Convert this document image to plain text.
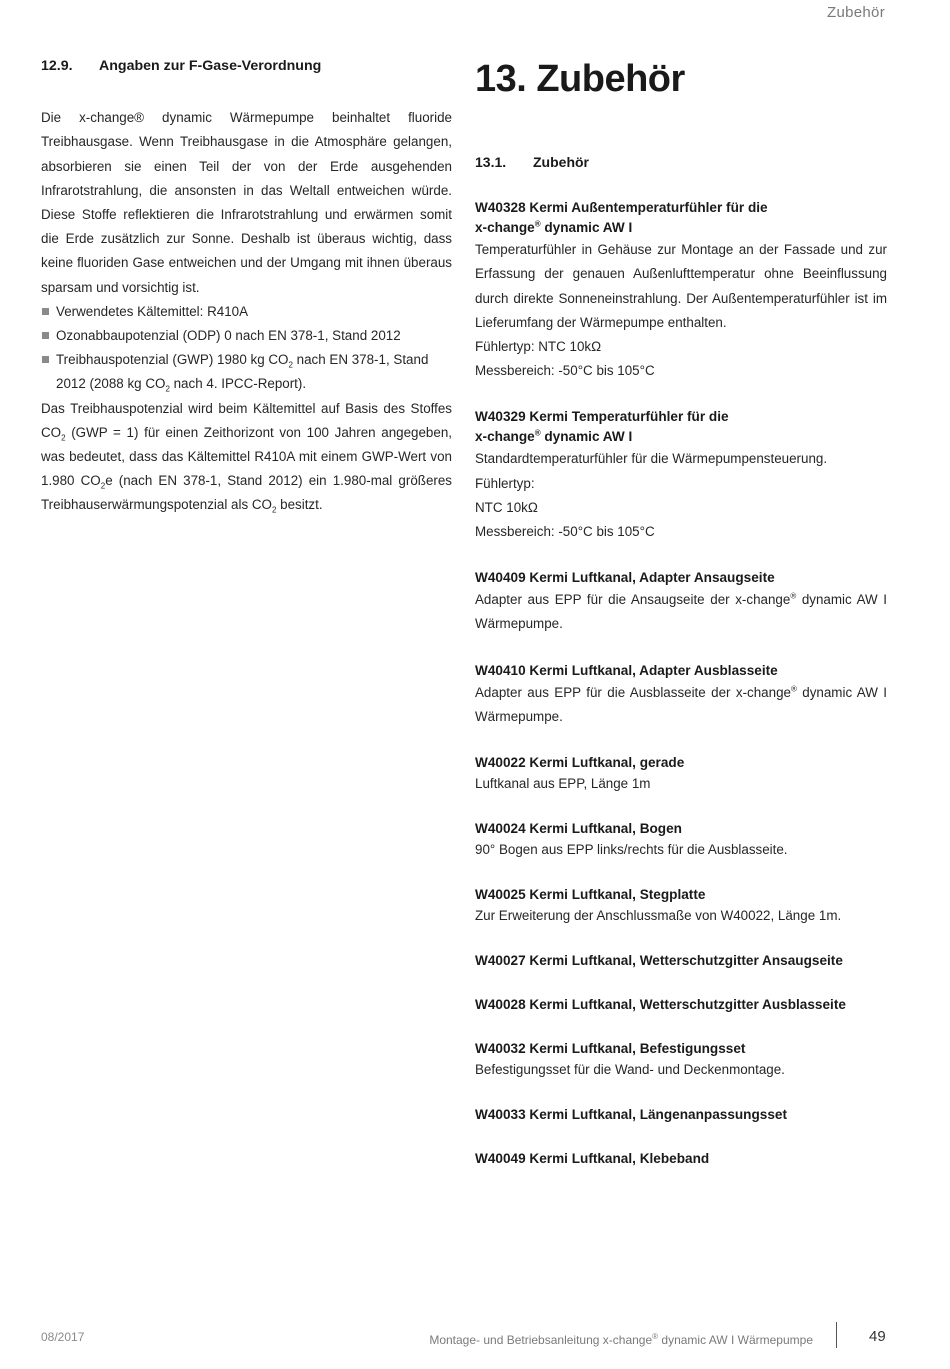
Zubehör
12.9. Angaben zur F-Gase-Verordnung

Die x-change® dynamic Wärmepumpe beinhaltet fluoride Treibhausgase. Wenn Treibhausgase in die Atmosphäre gelangen, absorbieren sie einen Teil der von der Erde ausgehenden Infrarotstrahlung, die ansonsten in das Weltall entweichen würde. Diese Stoffe reflektieren die Infrarotstrahlung und erwärmen somit die Erde zusätzlich zur Sonne. Deshalb ist überaus wichtig, dass keine fluoriden Gase entweichen und der Umgang mit ihnen überaus sparsam und vorsichtig ist.

Verwendetes Kältemittel: R410A
Ozonabbaupotenzial (ODP) 0 nach EN 378-1, Stand 2012
Treibhauspotenzial (GWP) 1980 kg $CO_2$ nach EN 378-1, Stand 2012 (2088 kg $CO_2$ nach 4. IPCC-Report).

Das Treibhauspotenzial wird beim Kältemittel auf Basis des Stoffes $CO_2$ (GWP = 1) für einen Zeithorizont von 100 Jahren angegeben, was bedeutet, dass das Kältemittel R410A mit einem GWP-Wert von 1.980 $CO_2e$ (nach EN 378-1, Stand 2012) ein 1.980-mal größeres Treibhauserwärmungspotenzial als $CO_2$ besitzt.

13. Zubehör
13.1. Zubehör
W40328 Kermi Außentemperaturfühler für die
x-change® dynamic AW I

Temperaturfühler in Gehäuse zur Montage an der Fassade und zur Erfassung der genauen Außenlufttemperatur ohne Beeinflussung durch direkte Sonneneinstrahlung. Der Außentemperaturfühler ist im Lieferumfang der Wärmepumpe enthalten.

Fühlertyp: NTC 10kΩ
Messbereich: -50°C bis 105°C
W40329 Kermi Temperaturfühler für die
x-change® dynamic AW I
Standardtemperaturfühler für die Wärmepumpensteuerung.
Fühlertyp:
NTC 10kΩ
Messbereich: -50°C bis 105°C
W40409 Kermi Luftkanal, Adapter Ansaugseite

Adapter aus EPP für die Ansaugseite der x-change® dynamic AW I Wärmepumpe.

W40410 Kermi Luftkanal, Adapter Ausblasseite

Adapter aus EPP für die Ausblasseite der x-change® dynamic AW I Wärmepumpe.

W40022 Kermi Luftkanal, gerade
Luftkanal aus EPP, Länge 1m
W40024 Kermi Luftkanal, Bogen
90° Bogen aus EPP links/rechts für die Ausblasseite.
W40025 Kermi Luftkanal, Stegplatte
Zur Erweiterung der Anschlussmaße von W40022, Länge 1m.
W40027 Kermi Luftkanal, Wetterschutzgitter Ansaugseite
W40028 Kermi Luftkanal, Wetterschutzgitter Ausblasseite
W40032 Kermi Luftkanal, Befestigungsset
Befestigungsset für die Wand- und Deckenmontage.
W40033 Kermi Luftkanal, Längenanpassungsset
W40049 Kermi Luftkanal, Klebeband
08/2017	Montage- und Betriebsanleitung x-change® dynamic AW I Wärmepumpe	49
